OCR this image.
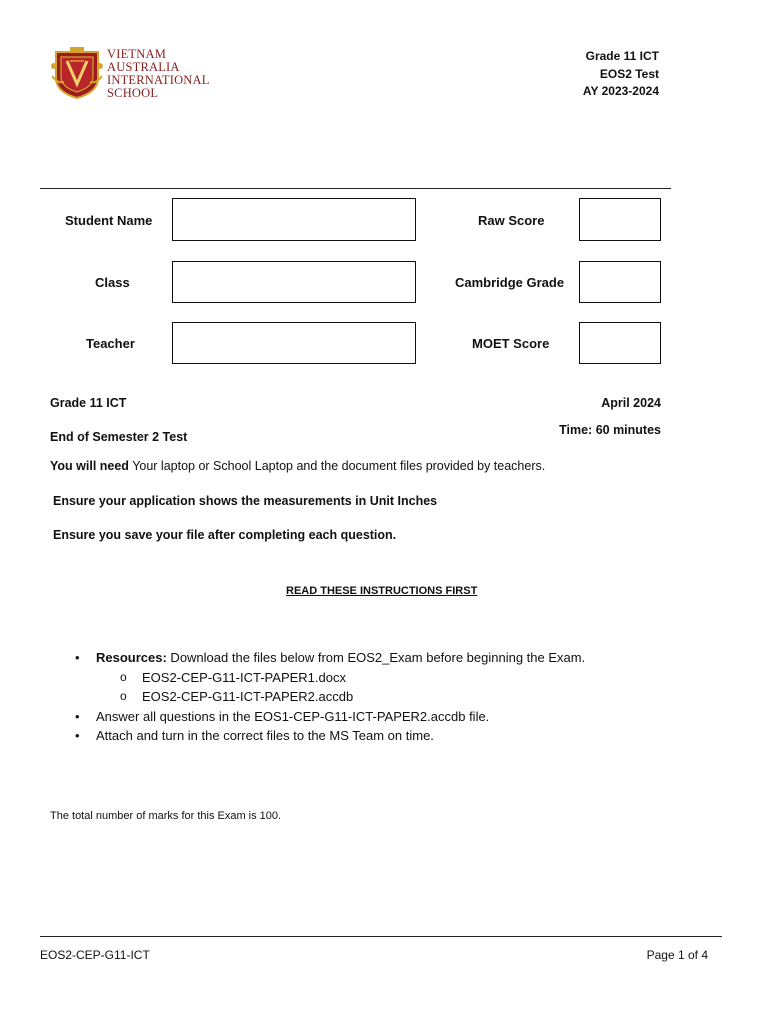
VIETNAM
AUSTRALIA
INTERNATIONAL
SCHOOL
Grade 11 ICT
EOS2 Test
AY 2023-2024
Student Name
Class
Teacher
Raw Score
Cambridge Grade
MOET Score
Grade 11 ICT	April 2024
Time: 60 minutes
End of Semester 2 Test
You will need Your laptop or School Laptop and the document files provided by teachers.
Ensure your application shows the measurements in Unit Inches
Ensure you save your file after completing each question.
READ THESE INSTRUCTIONS FIRST
• Resources: Download the files below from EOS2_Exam before beginning the Exam.
o EOS2-CEP-G11-ICT-PAPER1.docx
o EOS2-CEP-G11-ICT-PAPER2.accdb
• Answer all questions in the EOS1-CEP-G11-ICT-PAPER2.accdb file.
• Attach and turn in the correct files to the MS Team on time.
The total number of marks for this Exam is 100.
EOS2-CEP-G11-ICT	Page 1 of 4
